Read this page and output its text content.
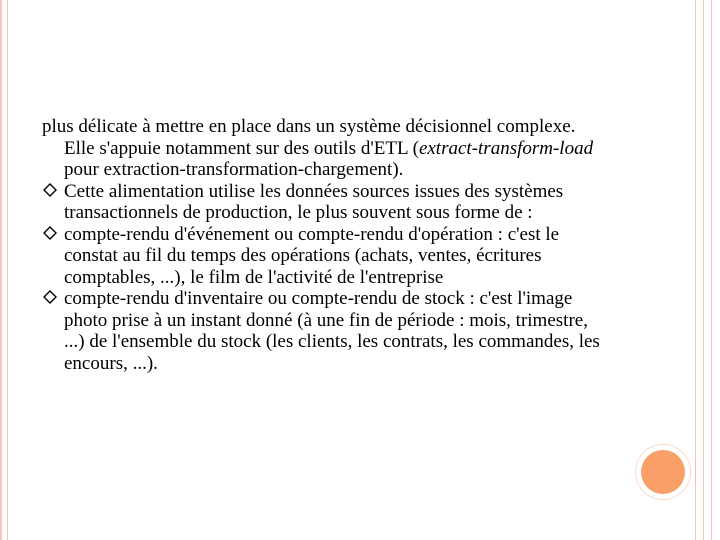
plus délicate à mettre en place dans un système décisionnel complexe. Elle s'appuie notamment sur des outils d'ETL (extract-transform-load pour extraction-transformation-chargement).

Cette alimentation utilise les données sources issues des systèmes transactionnels de production, le plus souvent sous forme de :
compte-rendu d'événement ou compte-rendu d'opération : c'est le constat au fil du temps des opérations (achats, ventes, écritures comptables, ...), le film de l'activité de l'entreprise
compte-rendu d'inventaire ou compte-rendu de stock : c'est l'image photo prise à un instant donné (à une fin de période : mois, trimestre, ...) de l'ensemble du stock (les clients, les contrats, les commandes, les encours, ...).
